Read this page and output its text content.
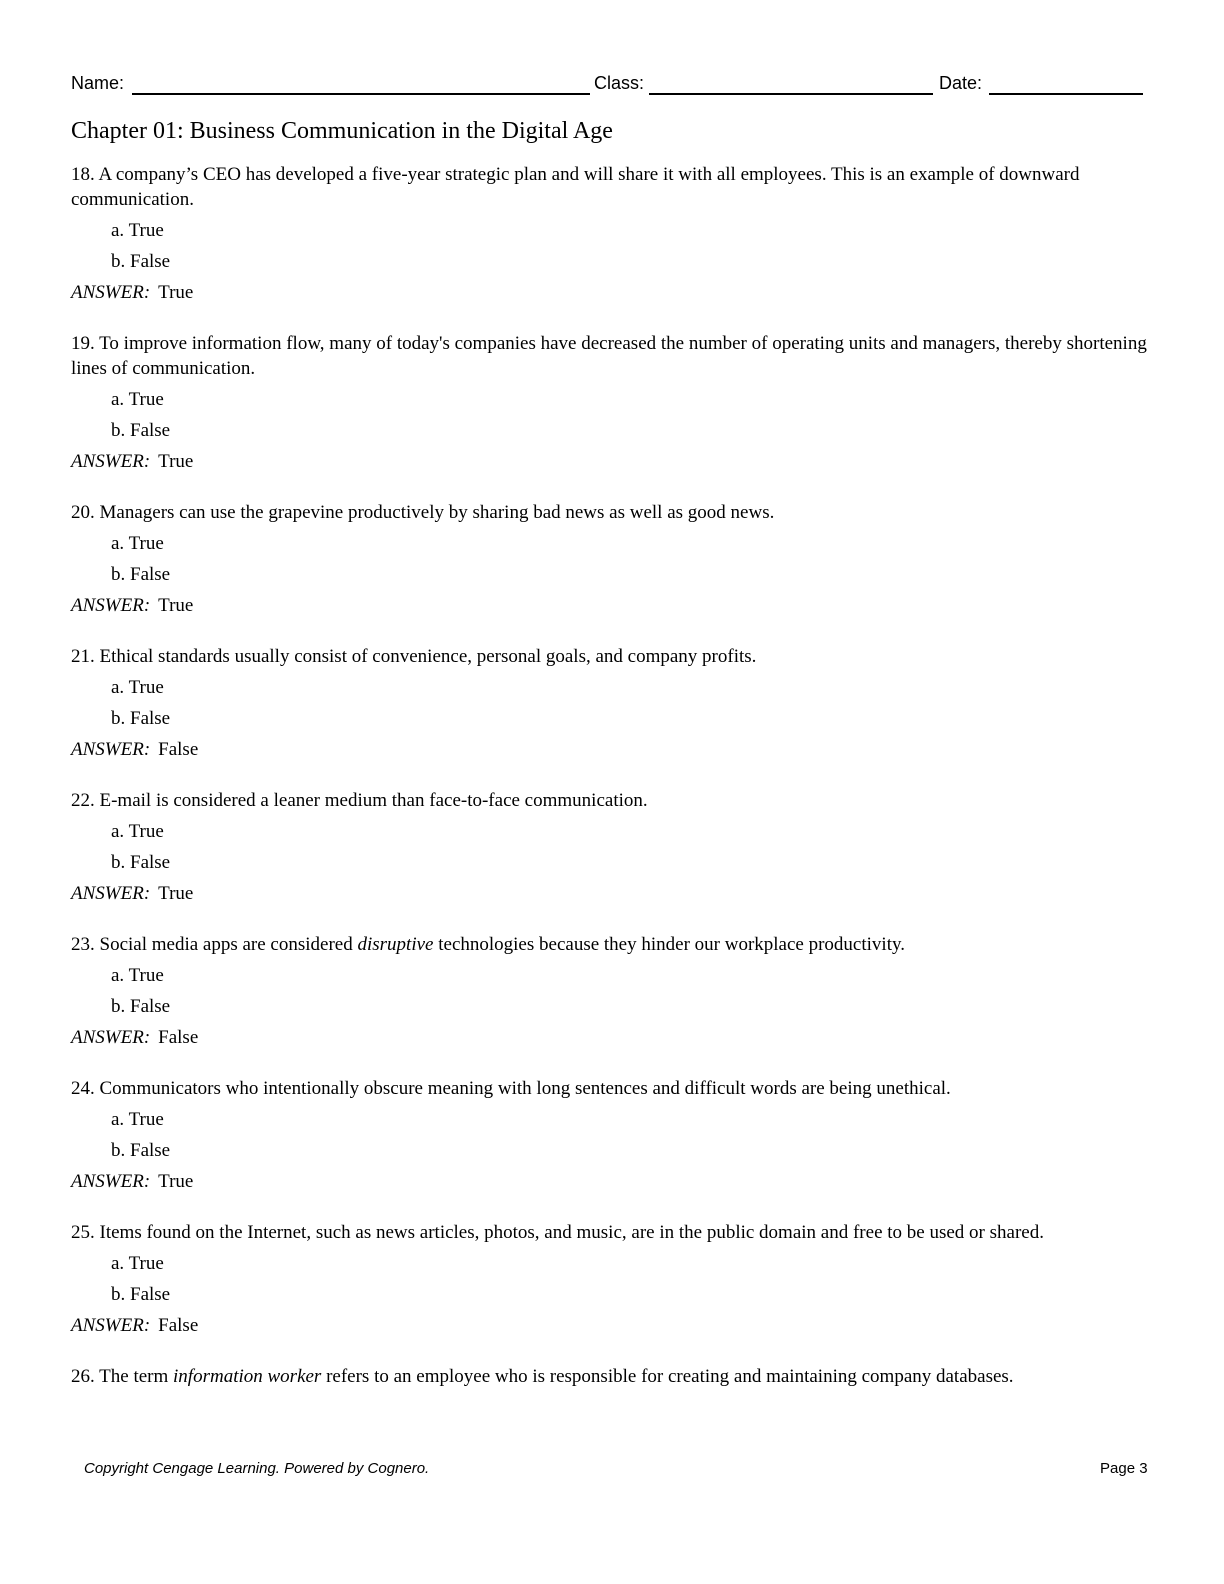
Name:	Class:	Date:
Chapter 01: Business Communication in the Digital Age

18. A company’s CEO has developed a five-year strategic plan and will share it with all employees. This is an example of downward communication.

a. True
b. False
ANSWER: True

19. To improve information flow, many of today's companies have decreased the number of operating units and managers, thereby shortening lines of communication.

a. True
b. False
ANSWER: True

20. Managers can use the grapevine productively by sharing bad news as well as good news.

a. True
b. False
ANSWER: True

21. Ethical standards usually consist of convenience, personal goals, and company profits.

a. True
b. False
ANSWER: False

22. E-mail is considered a leaner medium than face-to-face communication.

a. True
b. False
ANSWER: True

23. Social media apps are considered disruptive technologies because they hinder our workplace productivity.

a. True
b. False
ANSWER: False

24. Communicators who intentionally obscure meaning with long sentences and difficult words are being unethical.

a. True
b. False
ANSWER: True

25. Items found on the Internet, such as news articles, photos, and music, are in the public domain and free to be used or shared.

a. True
b. False
ANSWER: False

26. The term information worker refers to an employee who is responsible for creating and maintaining company databases.

Copyright Cengage Learning. Powered by Cognero.	Page 3
